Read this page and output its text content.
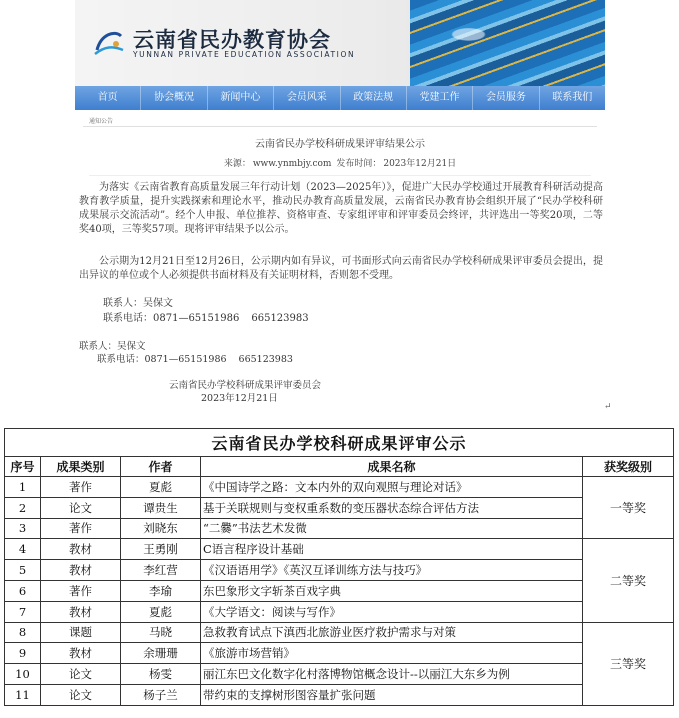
云南省民办教育协会
YUNNAN PRIVATE EDUCATION ASSOCIATION
首页	协会概况	新闻中心	会员风采	政策法规	党建工作	会员服务	联系我们
通知公告
云南省民办学校科研成果评审结果公示
来源： www.ynmbjy.com 发布时间： 2023年12月21日
为落实《云南省教育高质量发展三年行动计划（2023—2025年）》，促进广大民办学校通过开展教育科研活动提高教育教学质量，提升实践探索和理论水平，推动民办教育高质量发展，云南省民办教育协会组织开展了“民办学校科研成果展示交流活动”。经个人申报、单位推荐、资格审查、专家组评审和评审委员会终评，共评选出一等奖20项，二等奖40项，三等奖57项。现将评审结果予以公示。
公示期为12月21日至12月26日，公示期内如有异议，可书面形式向云南省民办学校科研成果评审委员会提出，提出异议的单位或个人必须提供书面材料及有关证明材料，否则恕不受理。
联系人：吴保文
联系电话：0871—65151986 665123983
联系人：吴保文
联系电话：0871—65151986 665123983
云南省民办学校科研成果评审委员会
2023年12月21日
↵
云南省民办学校科研成果评审公示				
序号	成果类别	作者	成果名称	获奖级别
1	著作	夏彪	《中国诗学之路：文本内外的双向观照与理论对话》	一等奖
2	论文	谭贵生	基于关联规则与变权重系数的变压器状态综合评估方法	
3	著作	刘晓东	“二爨”书法艺术发微	
4	教材	王勇刚	C语言程序设计基础	二等奖
5	教材	李红营	《汉语语用学》《英汉互译训练方法与技巧》	
6	著作	李瑜	东巴象形文字斩茶百戏字典	
7	教材	夏彪	《大学语文：阅读与写作》	
8	课题	马晓	急救教育试点下滇西北旅游业医疗救护需求与对策	三等奖
9	教材	余珊珊	《旅游市场营销》	
10	论文	杨雯	丽江东巴文化数字化村落博物馆概念设计--以丽江大东乡为例	
11	论文	杨子兰	带约束的支撑树形图容量扩张问题	
